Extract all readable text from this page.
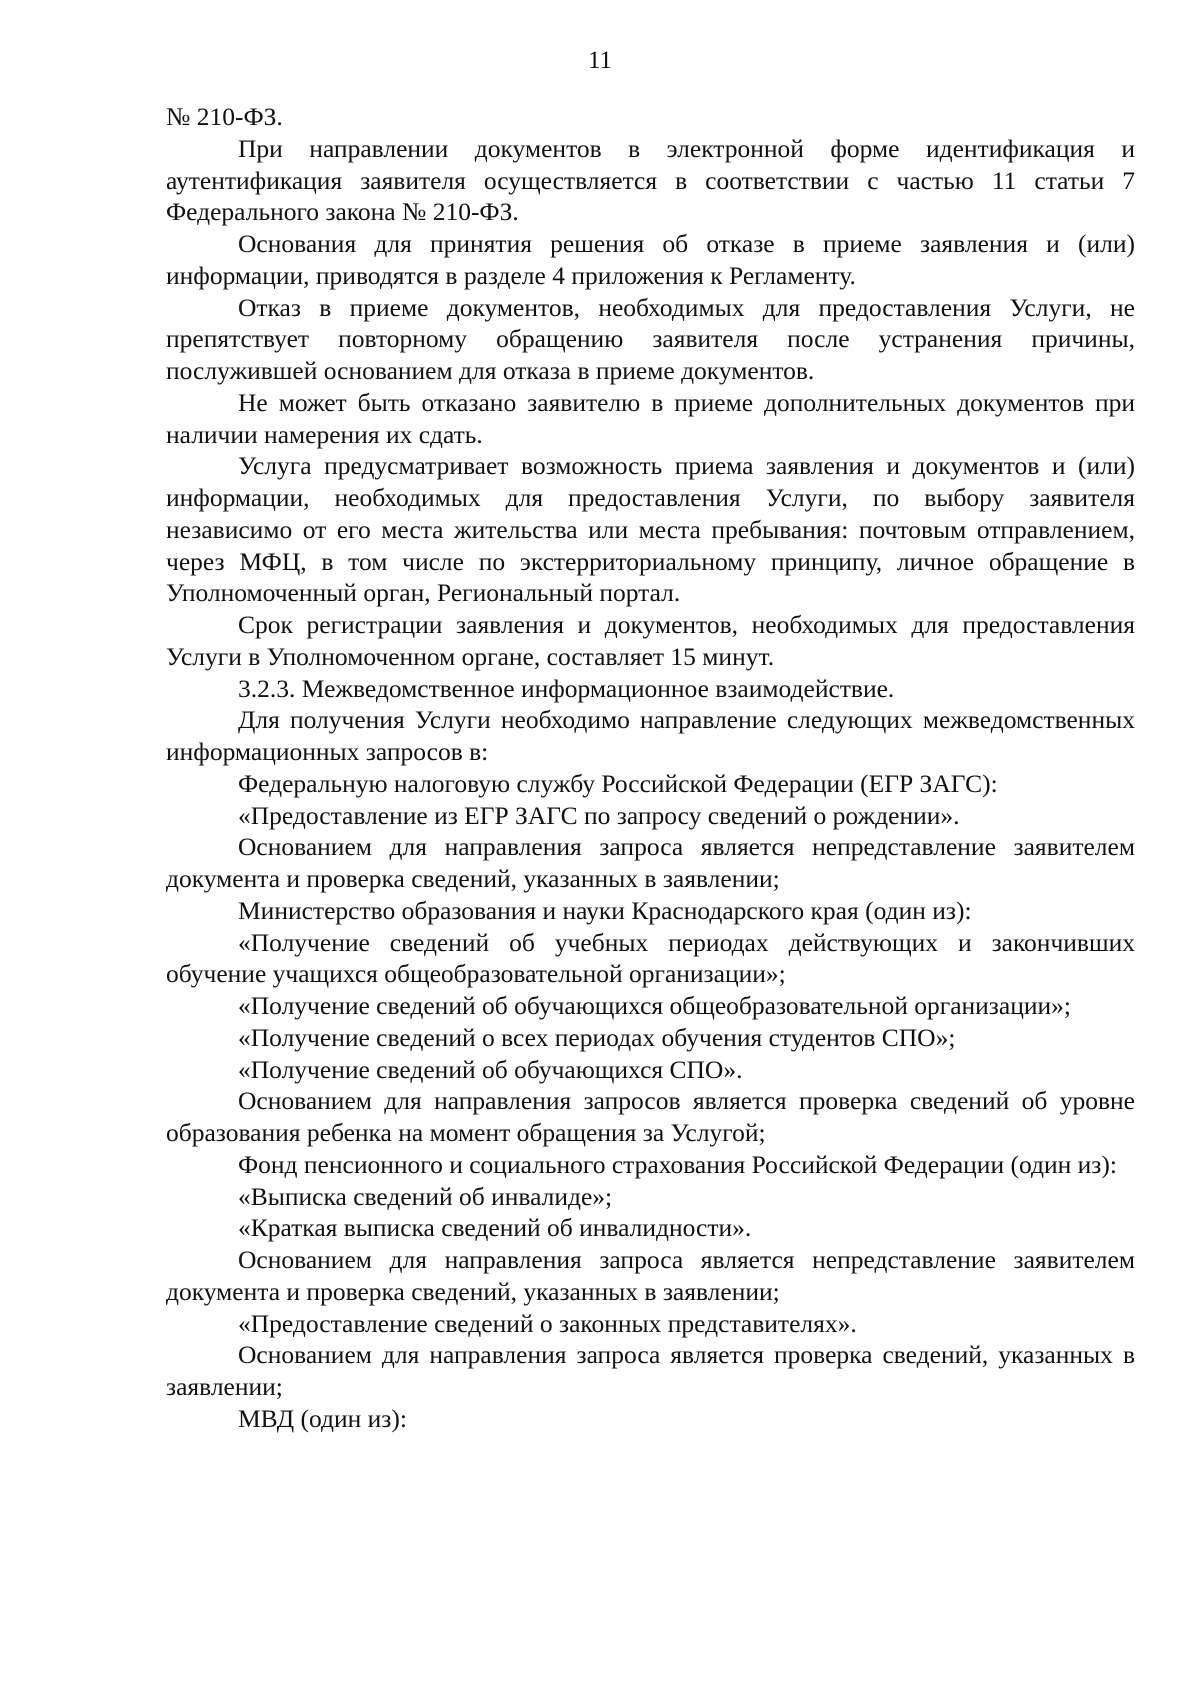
11

№ 210-ФЗ.

При направлении документов в электронной форме идентификация и аутентификация заявителя осуществляется в соответствии с частью 11 статьи 7 Федерального закона № 210-ФЗ.

Основания для принятия решения об отказе в приеме заявления и (или) информации, приводятся в разделе 4 приложения к Регламенту.

Отказ в приеме документов, необходимых для предоставления Услуги, не препятствует повторному обращению заявителя после устранения причины, послужившей основанием для отказа в приеме документов.

Не может быть отказано заявителю в приеме дополнительных документов при наличии намерения их сдать.

Услуга предусматривает возможность приема заявления и документов и (или) информации, необходимых для предоставления Услуги, по выбору заявителя независимо от его места жительства или места пребывания: почтовым отправлением, через МФЦ, в том числе по экстерриториальному принципу, личное обращение в Уполномоченный орган, Региональный портал.

Срок регистрации заявления и документов, необходимых для предоставления Услуги в Уполномоченном органе, составляет 15 минут.

3.2.3. Межведомственное информационное взаимодействие.

Для получения Услуги необходимо направление следующих межведомственных информационных запросов в:

Федеральную налоговую службу Российской Федерации (ЕГР ЗАГС):

«Предоставление из ЕГР ЗАГС по запросу сведений о рождении».

Основанием для направления запроса является непредставление заявителем документа и проверка сведений, указанных в заявлении;

Министерство образования и науки Краснодарского края (один из):

«Получение сведений об учебных периодах действующих и закончивших обучение учащихся общеобразовательной организации»;

«Получение сведений об обучающихся общеобразовательной организации»;

«Получение сведений о всех периодах обучения студентов СПО»;

«Получение сведений об обучающихся СПО».

Основанием для направления запросов является проверка сведений об уровне образования ребенка на момент обращения за Услугой;

Фонд пенсионного и социального страхования Российской Федерации (один из):

«Выписка сведений об инвалиде»;

«Краткая выписка сведений об инвалидности».

Основанием для направления запроса является непредставление заявителем документа и проверка сведений, указанных в заявлении;

«Предоставление сведений о законных представителях».

Основанием для направления запроса является проверка сведений, указанных в заявлении;

МВД (один из):
